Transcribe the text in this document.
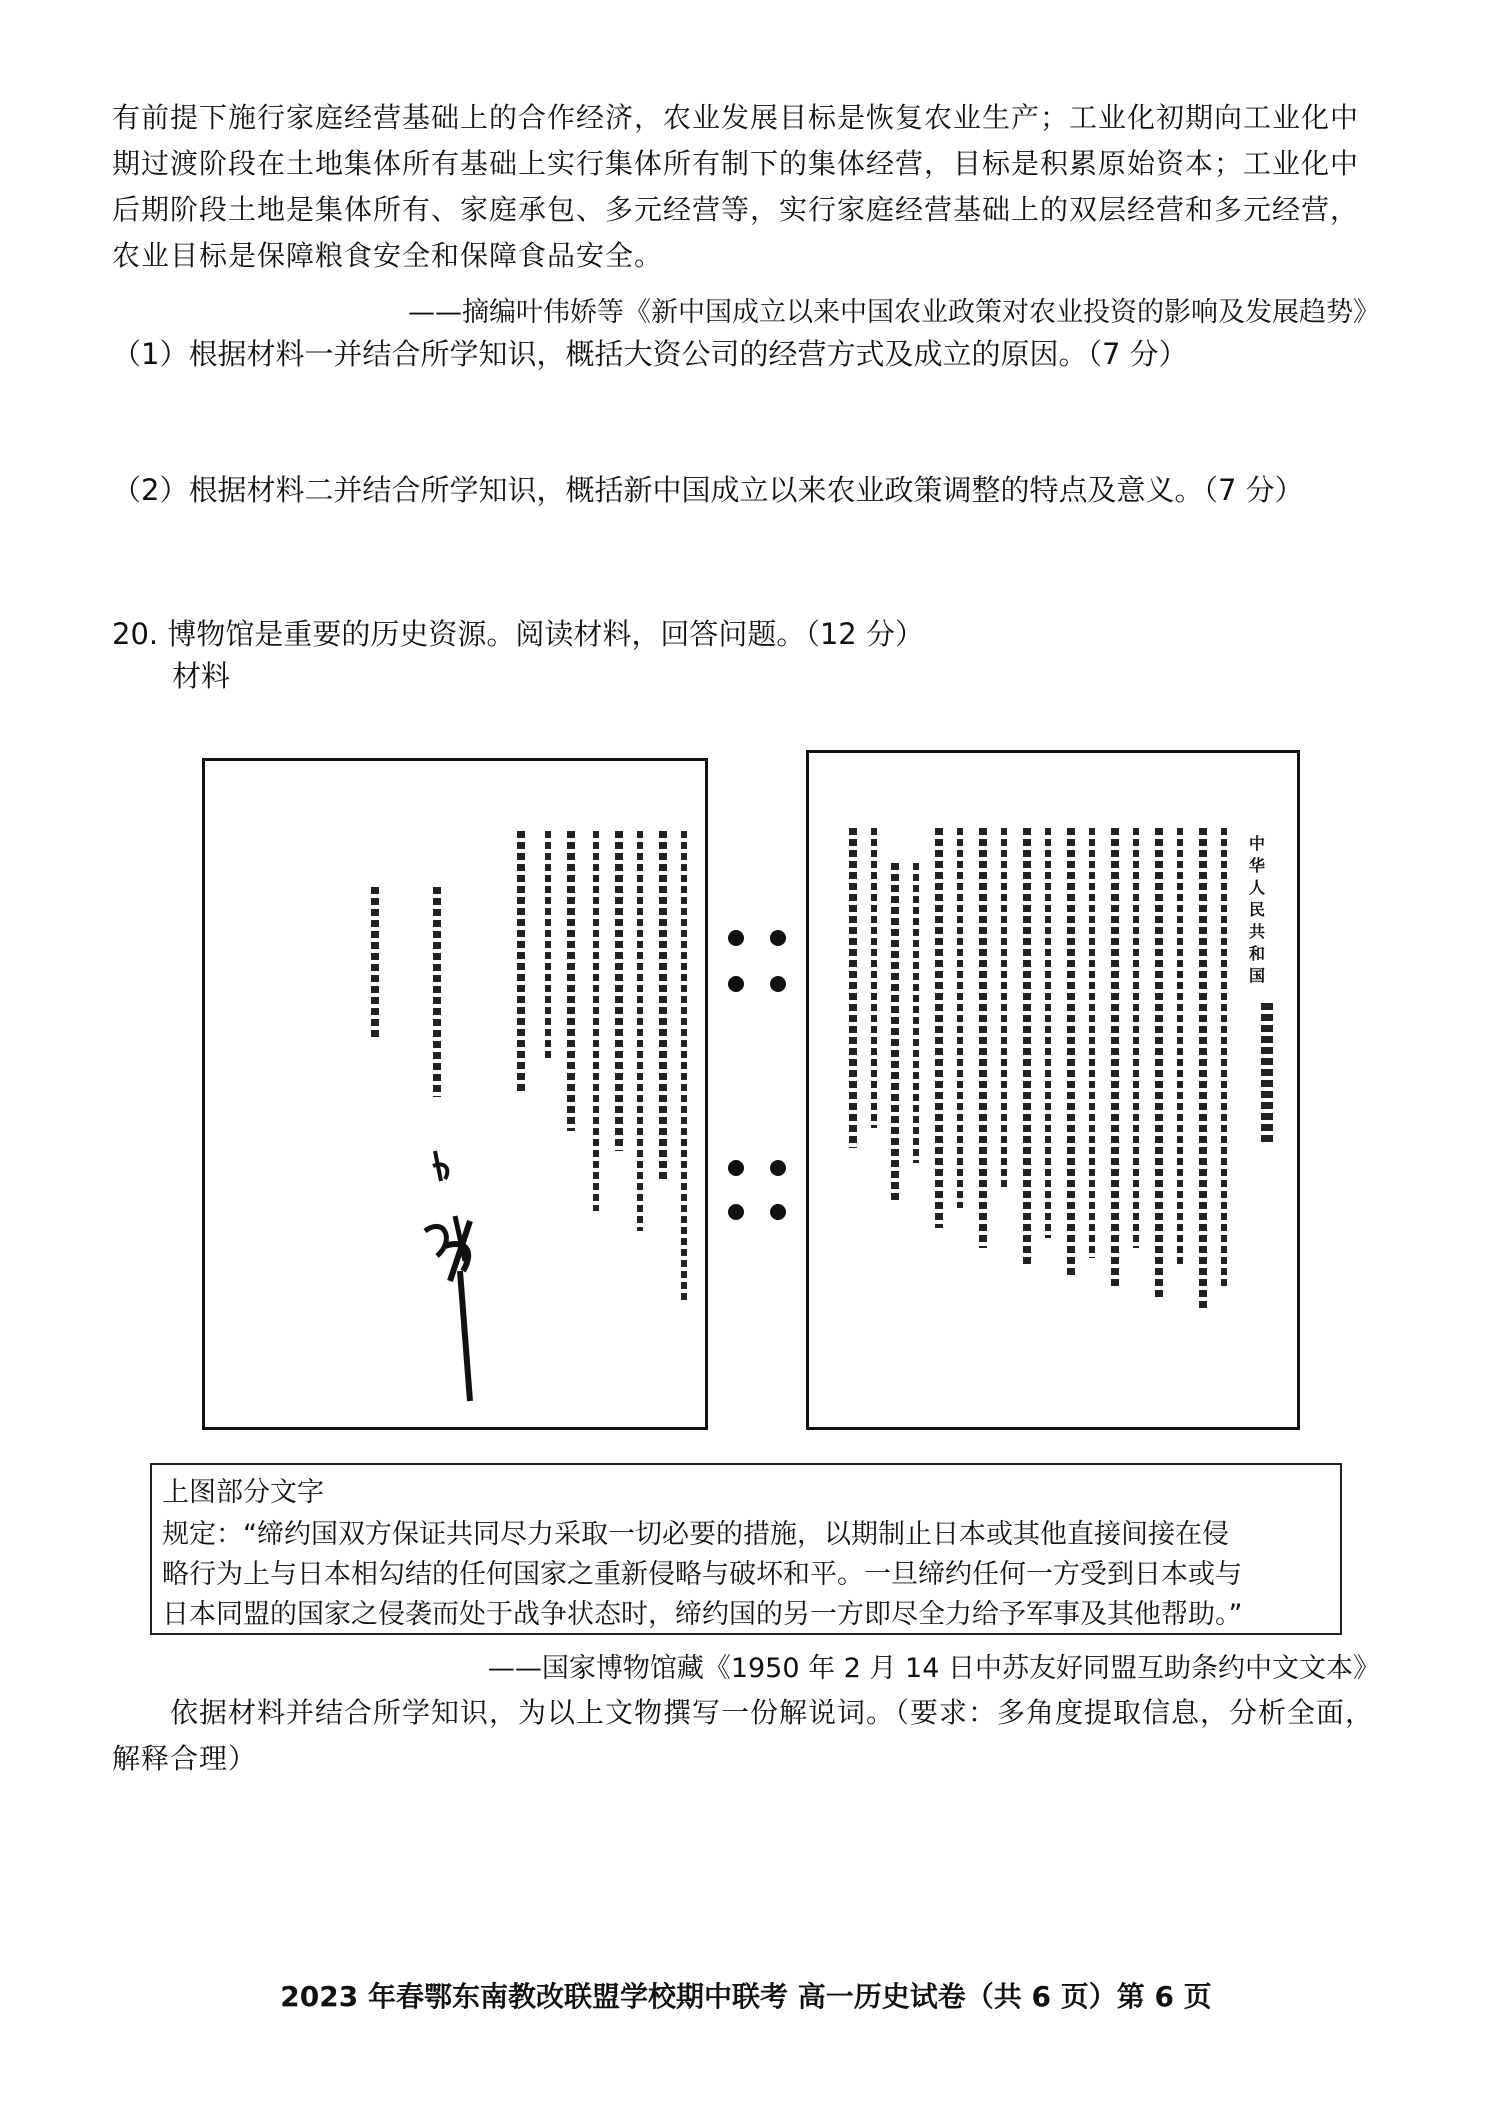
有前提下施行家庭经营基础上的合作经济，农业发展目标是恢复农业生产；工业化初期向工业化中
期过渡阶段在土地集体所有基础上实行集体所有制下的集体经营，目标是积累原始资本；工业化中
后期阶段土地是集体所有、家庭承包、多元经营等，实行家庭经营基础上的双层经营和多元经营，
农业目标是保障粮食安全和保障食品安全。
——摘编叶伟娇等《新中国成立以来中国农业政策对农业投资的影响及发展趋势》
（1）根据材料一并结合所学知识，概括大资公司的经营方式及成立的原因。（7 分）
（2）根据材料二并结合所学知识，概括新中国成立以来农业政策调整的特点及意义。（7 分）
20. 博物馆是重要的历史资源。阅读材料，回答问题。（12 分）
材料
中华人民共和国
上图部分文字
规定：“缔约国双方保证共同尽力采取一切必要的措施，以期制止日本或其他直接间接在侵
略行为上与日本相勾结的任何国家之重新侵略与破坏和平。一旦缔约任何一方受到日本或与
日本同盟的国家之侵袭而处于战争状态时，缔约国的另一方即尽全力给予军事及其他帮助。”
——国家博物馆藏《1950 年 2 月 14 日中苏友好同盟互助条约中文文本》
依据材料并结合所学知识，为以上文物撰写一份解说词。（要求：多角度提取信息，分析全面，
解释合理）
2023 年春鄂东南教改联盟学校期中联考 高一历史试卷（共 6 页）第 6 页
